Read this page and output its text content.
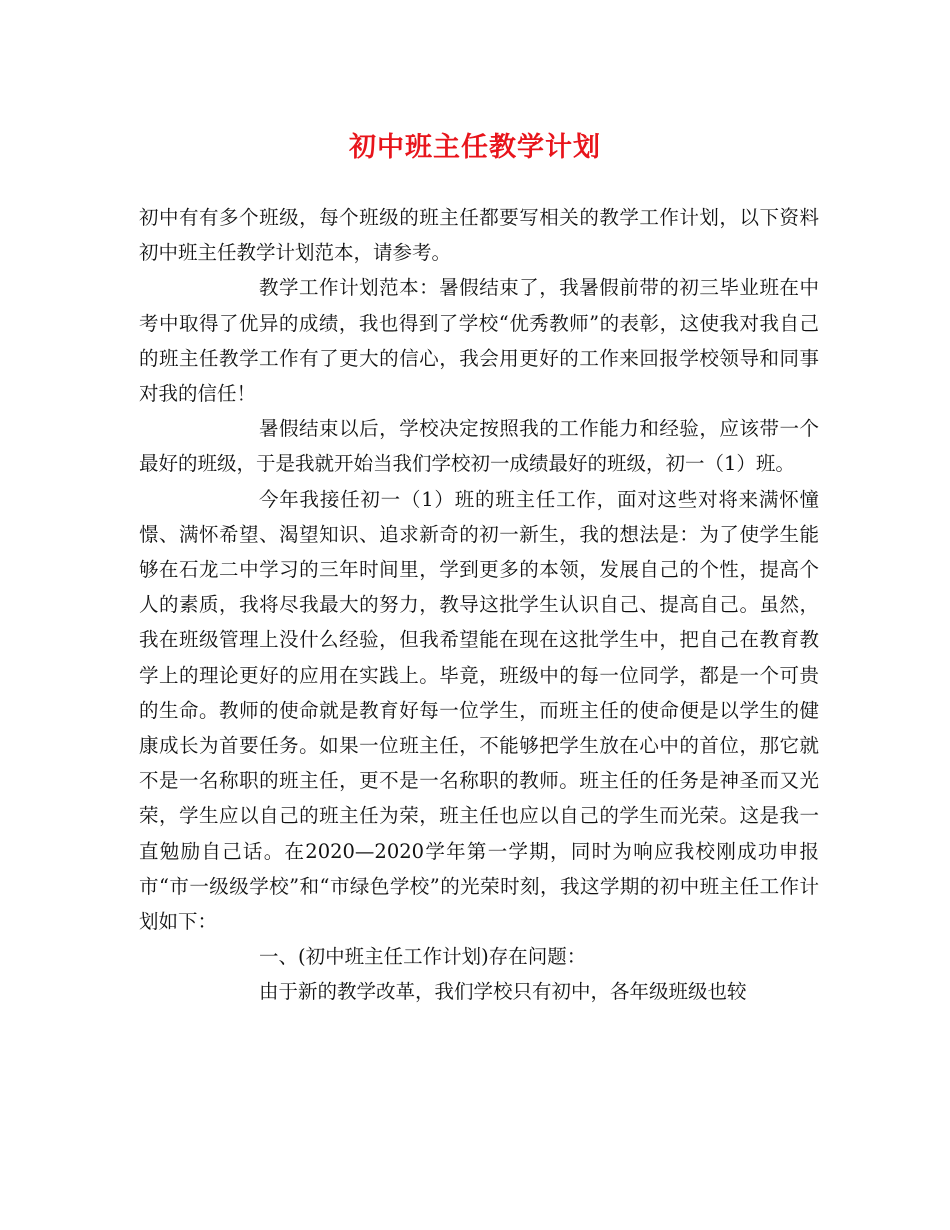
初中班主任教学计划

初中有有多个班级，每个班级的班主任都要写相关的教学工作计划，以下资料初中班主任教学计划范本，请参考。

教学工作计划范本：暑假结束了，我暑假前带的初三毕业班在中考中取得了优异的成绩，我也得到了学校“优秀教师”的表彰，这使我对我自己的班主任教学工作有了更大的信心，我会用更好的工作来回报学校领导和同事对我的信任！

暑假结束以后，学校决定按照我的工作能力和经验，应该带一个最好的班级，于是我就开始当我们学校初一成绩最好的班级，初一（1）班。

今年我接任初一（1）班的班主任工作，面对这些对将来满怀憧憬、满怀希望、渴望知识、追求新奇的初一新生，我的想法是：为了使学生能够在石龙二中学习的三年时间里，学到更多的本领，发展自己的个性，提高个人的素质，我将尽我最大的努力，教导这批学生认识自己、提高自己。虽然，我在班级管理上没什么经验，但我希望能在现在这批学生中，把自己在教育教学上的理论更好的应用在实践上。毕竟，班级中的每一位同学，都是一个可贵的生命。教师的使命就是教育好每一位学生，而班主任的使命便是以学生的健康成长为首要任务。如果一位班主任，不能够把学生放在心中的首位，那它就不是一名称职的班主任，更不是一名称职的教师。班主任的任务是神圣而又光荣，学生应以自己的班主任为荣，班主任也应以自己的学生而光荣。这是我一直勉励自己话。在2020—2020学年第一学期，同时为响应我校刚成功申报市“市一级级学校”和“市绿色学校”的光荣时刻，我这学期的初中班主任工作计划如下：

一、(初中班主任工作计划)存在问题：

由于新的教学改革，我们学校只有初中，各年级班级也较
